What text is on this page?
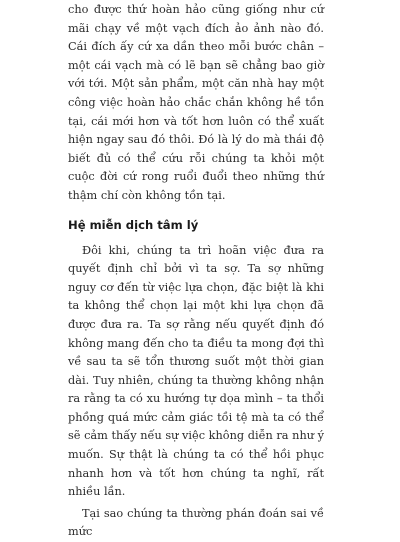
cho được thứ hoàn hảo cũng giống như cứ mãi chạy về một vạch đích ảo ảnh nào đó. Cái đích ấy cứ xa dần theo mỗi bước chân – một cái vạch mà có lẽ bạn sẽ chẳng bao giờ với tới. Một sản phẩm, một căn nhà hay một công việc hoàn hảo chắc chắn không hề tồn tại, cái mới hơn và tốt hơn luôn có thể xuất hiện ngay sau đó thôi. Đó là lý do mà thái độ biết đủ có thể cứu rỗi chúng ta khỏi một cuộc đời cứ rong ruổi đuổi theo những thứ thậm chí còn không tồn tại.

Hệ miễn dịch tâm lý

Đôi khi, chúng ta trì hoãn việc đưa ra quyết định chỉ bởi vì ta sợ. Ta sợ những nguy cơ đến từ việc lựa chọn, đặc biệt là khi ta không thể chọn lại một khi lựa chọn đã được đưa ra. Ta sợ rằng nếu quyết định đó không mang đến cho ta điều ta mong đợi thì về sau ta sẽ tổn thương suốt một thời gian dài. Tuy nhiên, chúng ta thường không nhận ra rằng ta có xu hướng tự dọa mình – ta thổi phồng quá mức cảm giác tồi tệ mà ta có thể sẽ cảm thấy nếu sự việc không diễn ra như ý muốn. Sự thật là chúng ta có thể hồi phục nhanh hơn và tốt hơn chúng ta nghĩ, rất nhiều lần.

Tại sao chúng ta thường phán đoán sai về mức
